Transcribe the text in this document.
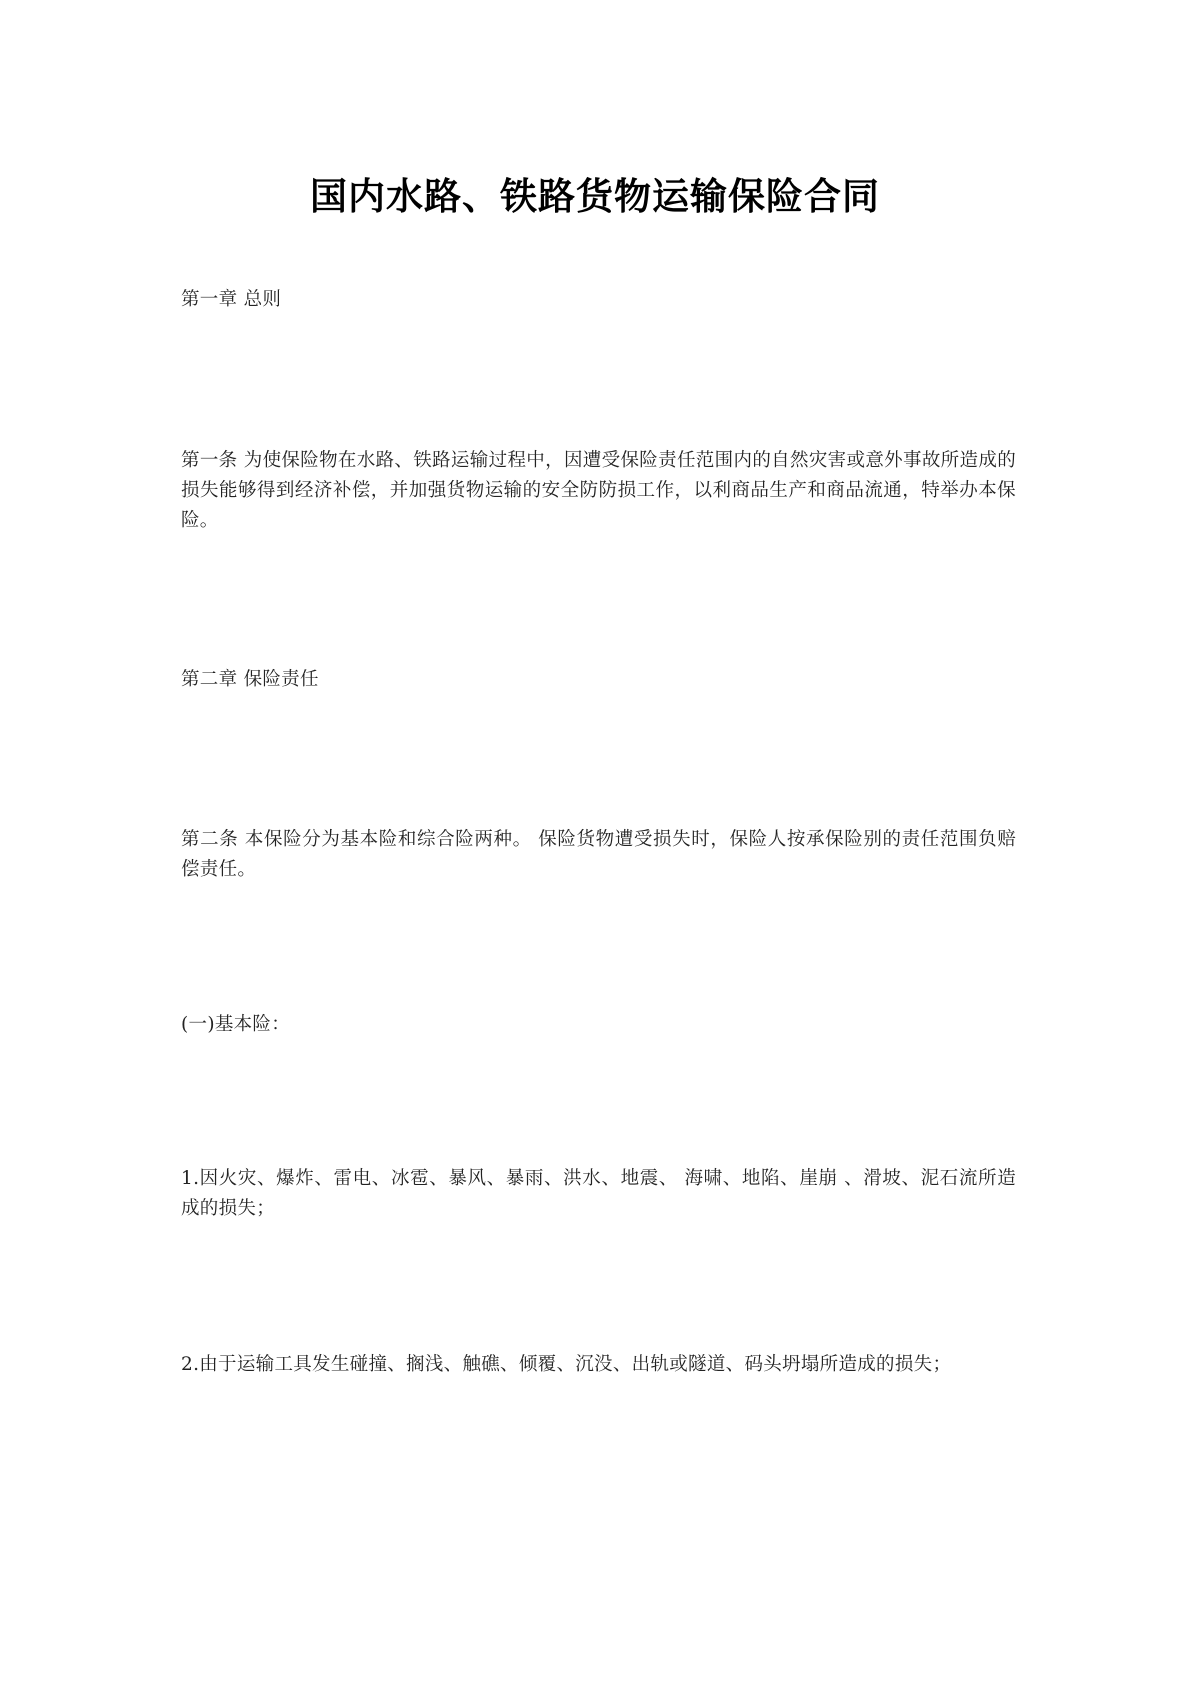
国内水路、铁路货物运输保险合同

第一章 总则

第一条 为使保险物在水路、铁路运输过程中，因遭受保险责任范围内的自然灾害或意外事故所造成的损失能够得到经济补偿，并加强货物运输的安全防防损工作，以利商品生产和商品流通，特举办本保险。

第二章 保险责任

第二条 本保险分为基本险和综合险两种。 保险货物遭受损失时，保险人按承保险别的责任范围负赔偿责任。

(一)基本险：

1.因火灾、爆炸、雷电、冰雹、暴风、暴雨、洪水、地震、 海啸、地陷、崖崩 、滑坡、泥石流所造成的损失；

2.由于运输工具发生碰撞、搁浅、触礁、倾覆、沉没、出轨或隧道、码头坍塌所造成的损失；
